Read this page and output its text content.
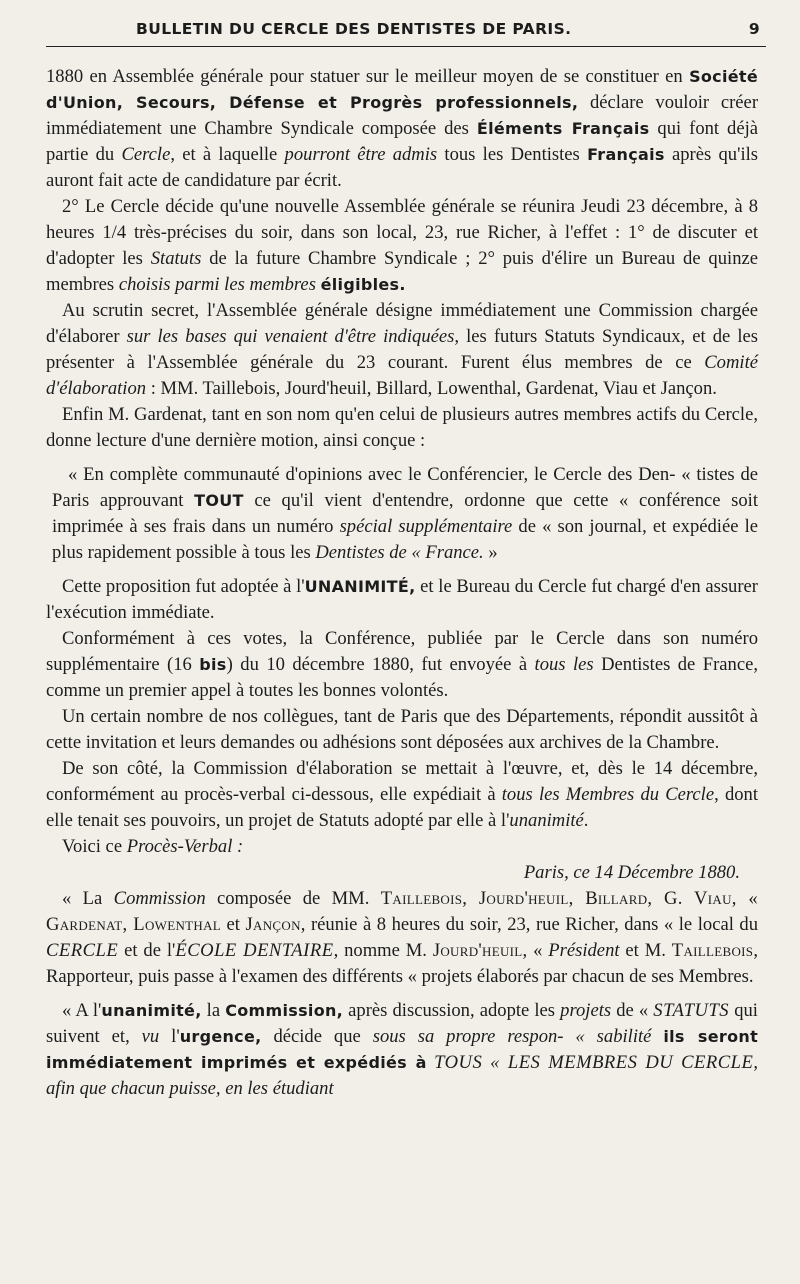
BULLETIN DU CERCLE DES DENTISTES DE PARIS.	9

1880 en Assemblée générale pour statuer sur le meilleur moyen de se constituer en Société d'Union, Secours, Défense et Progrès professionnels, déclare vouloir créer immédiatement une Chambre Syndicale composée des Éléments Français qui font déjà partie du Cercle, et à laquelle pourront être admis tous les Dentistes Français après qu'ils auront fait acte de candidature par écrit.

2° Le Cercle décide qu'une nouvelle Assemblée générale se réunira Jeudi 23 décembre, à 8 heures 1/4 très-précises du soir, dans son local, 23, rue Richer, à l'effet : 1° de discuter et d'adopter les Statuts de la future Chambre Syndicale ; 2° puis d'élire un Bureau de quinze membres choisis parmi les membres éligibles.

Au scrutin secret, l'Assemblée générale désigne immédiatement une Commission chargée d'élaborer sur les bases qui venaient d'être indiquées, les futurs Statuts Syndicaux, et de les présenter à l'Assemblée générale du 23 courant. Furent élus membres de ce Comité d'élaboration : MM. Taillebois, Jourd'heuil, Billard, Lowenthal, Gardenat, Viau et Jançon.

Enfin M. Gardenat, tant en son nom qu'en celui de plusieurs autres membres actifs du Cercle, donne lecture d'une dernière motion, ainsi conçue :

« En complète communauté d'opinions avec le Conférencier, le Cercle des Den- « tistes de Paris approuvant TOUT ce qu'il vient d'entendre, ordonne que cette « conférence soit imprimée à ses frais dans un numéro spécial supplémentaire de « son journal, et expédiée le plus rapidement possible à tous les Dentistes de « France. »

Cette proposition fut adoptée à l'UNANIMITÉ, et le Bureau du Cercle fut chargé d'en assurer l'exécution immédiate.

Conformément à ces votes, la Conférence, publiée par le Cercle dans son numéro supplémentaire (16 bis) du 10 décembre 1880, fut envoyée à tous les Dentistes de France, comme un premier appel à toutes les bonnes volontés.

Un certain nombre de nos collègues, tant de Paris que des Départements, répondit aussitôt à cette invitation et leurs demandes ou adhésions sont déposées aux archives de la Chambre.

De son côté, la Commission d'élaboration se mettait à l'œuvre, et, dès le 14 décembre, conformément au procès-verbal ci-dessous, elle expédiait à tous les Membres du Cercle, dont elle tenait ses pouvoirs, un projet de Statuts adopté par elle à l'unanimité.

Voici ce Procès-Verbal :

Paris, ce 14 Décembre 1880.

« La Commission composée de MM. Taillebois, Jourd'heuil, Billard, G. Viau, « Gardenat, Lowenthal et Jançon, réunie à 8 heures du soir, 23, rue Richer, dans « le local du CERCLE et de l'ÉCOLE DENTAIRE, nomme M. Jourd'heuil, « Président et M. Taillebois, Rapporteur, puis passe à l'examen des différents « projets élaborés par chacun de ses Membres.

« A l'unanimité, la Commission, après discussion, adopte les projets de « STATUTS qui suivent et, vu l'urgence, décide que sous sa propre respon- « sabilité ils seront immédiatement imprimés et expédiés à TOUS « LES MEMBRES DU CERCLE, afin que chacun puisse, en les étudiant
